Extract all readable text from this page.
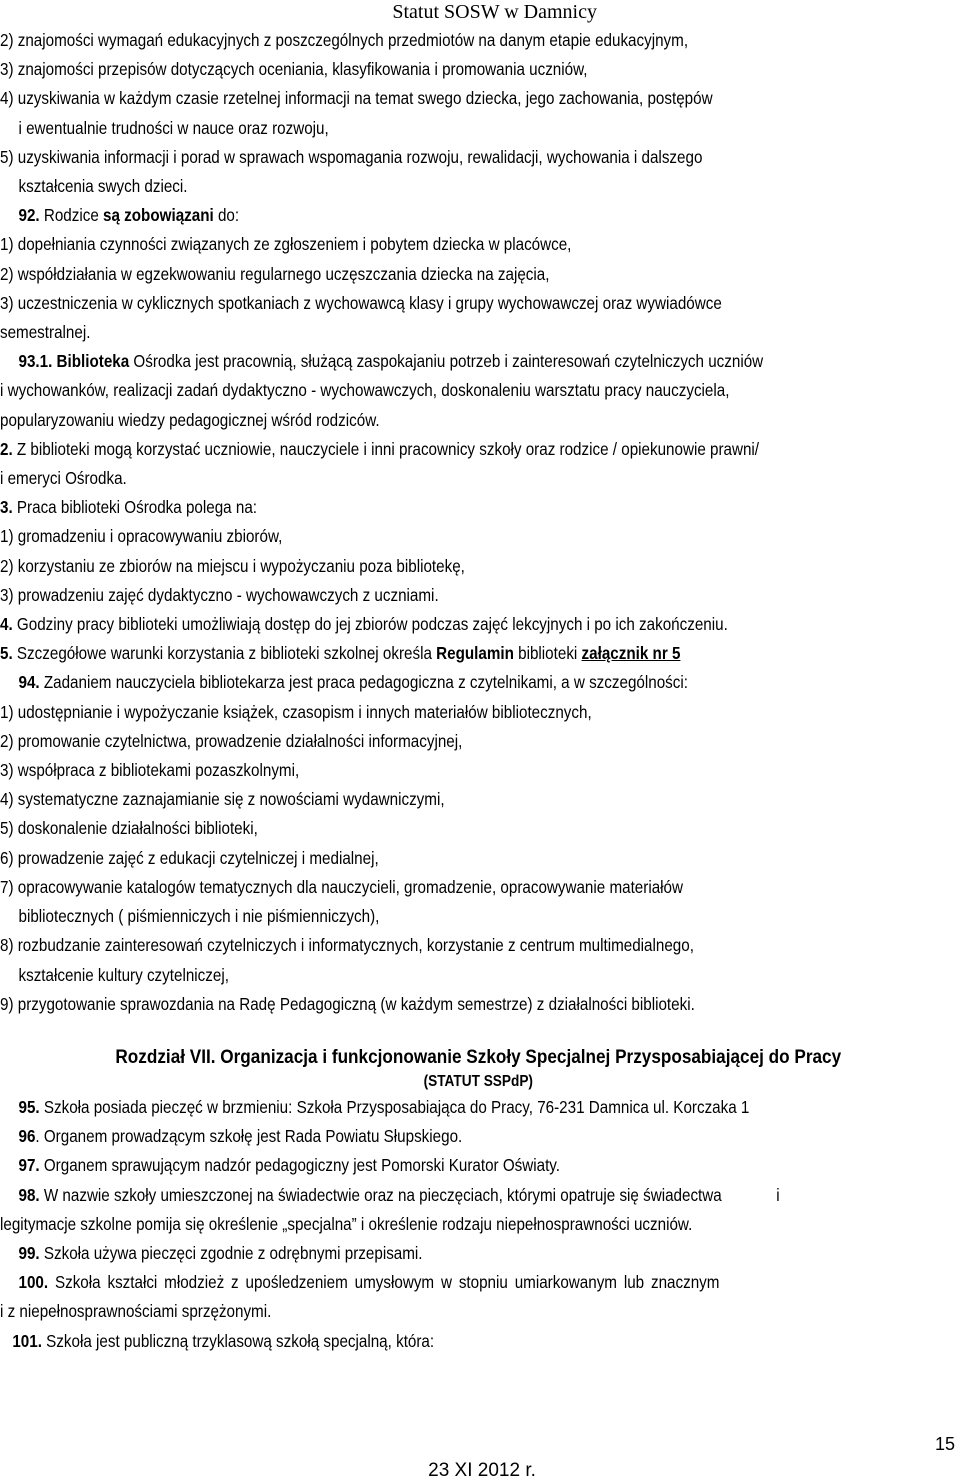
Statut SOSW w Damnicy
2) znajomości wymagań edukacyjnych z poszczególnych przedmiotów na danym etapie edukacyjnym,
3) znajomości przepisów dotyczących oceniania, klasyfikowania i promowania uczniów,
4) uzyskiwania w każdym czasie rzetelnej informacji na temat swego dziecka, jego zachowania, postępów
i ewentualnie trudności w nauce oraz rozwoju,
5) uzyskiwania informacji i porad w sprawach wspomagania rozwoju, rewalidacji, wychowania i dalszego
kształcenia swych dzieci.
92. Rodzice są zobowiązani do:
1) dopełniania czynności związanych ze zgłoszeniem i pobytem dziecka w placówce,
2) współdziałania w egzekwowaniu regularnego uczęszczania dziecka na zajęcia,
3) uczestniczenia w cyklicznych spotkaniach z wychowawcą klasy i grupy wychowawczej oraz wywiadówce
semestralnej.
93.1. Biblioteka Ośrodka jest pracownią, służącą zaspokajaniu potrzeb i zainteresowań czytelniczych uczniów
i wychowanków, realizacji zadań dydaktyczno - wychowawczych, doskonaleniu warsztatu pracy nauczyciela,
popularyzowaniu wiedzy pedagogicznej wśród rodziców.
2. Z biblioteki mogą korzystać uczniowie, nauczyciele i inni pracownicy szkoły oraz rodzice / opiekunowie prawni/
i emeryci Ośrodka.
3. Praca biblioteki Ośrodka polega na:
1) gromadzeniu i opracowywaniu zbiorów,
2) korzystaniu ze zbiorów na miejscu i wypożyczaniu poza bibliotekę,
3) prowadzeniu zajęć dydaktyczno - wychowawczych z uczniami.
4. Godziny pracy biblioteki umożliwiają dostęp do jej zbiorów podczas zajęć lekcyjnych i po ich zakończeniu.
5. Szczegółowe warunki korzystania z biblioteki szkolnej określa Regulamin biblioteki załącznik nr 5
94. Zadaniem nauczyciela bibliotekarza jest praca pedagogiczna z czytelnikami, a w szczególności:
1) udostępnianie i wypożyczanie książek, czasopism i innych materiałów bibliotecznych,
2) promowanie czytelnictwa, prowadzenie działalności informacyjnej,
3) współpraca z bibliotekami pozaszkolnymi,
4) systematyczne zaznajamianie się z nowościami wydawniczymi,
5) doskonalenie działalności biblioteki,
6) prowadzenie zajęć z edukacji czytelniczej i medialnej,
7) opracowywanie katalogów tematycznych dla nauczycieli, gromadzenie, opracowywanie materiałów
bibliotecznych ( piśmienniczych i nie piśmienniczych),
8) rozbudzanie zainteresowań czytelniczych i informatycznych, korzystanie z centrum multimedialnego,
kształcenie kultury czytelniczej,
9) przygotowanie sprawozdania na Radę Pedagogiczną (w każdym semestrze) z działalności biblioteki.
Rozdział VII. Organizacja i funkcjonowanie Szkoły Specjalnej Przysposabiającej do Pracy
(STATUT SSPdP)
95. Szkoła posiada pieczęć w brzmieniu: Szkoła Przysposabiająca do Pracy, 76-231 Damnica ul. Korczaka 1
96. Organem prowadzącym szkołę jest Rada Powiatu Słupskiego.
97. Organem sprawującym nadzór pedagogiczny jest Pomorski Kurator Oświaty.
98. W nazwie szkoły umieszczonej na świadectwie oraz na pieczęciach, którymi opatruje się świadectwa	i
legitymacje szkolne pomija się określenie „specjalna” i określenie rodzaju niepełnosprawności uczniów.
99. Szkoła używa pieczęci zgodnie z odrębnymi przepisami.
100. Szkoła kształci młodzież z upośledzeniem umysłowym w stopniu umiarkowanym lub znacznym
i z niepełnosprawnościami sprzężonymi.
101. Szkoła jest publiczną trzyklasową szkołą specjalną, która:
15
23 XI 2012 r.
